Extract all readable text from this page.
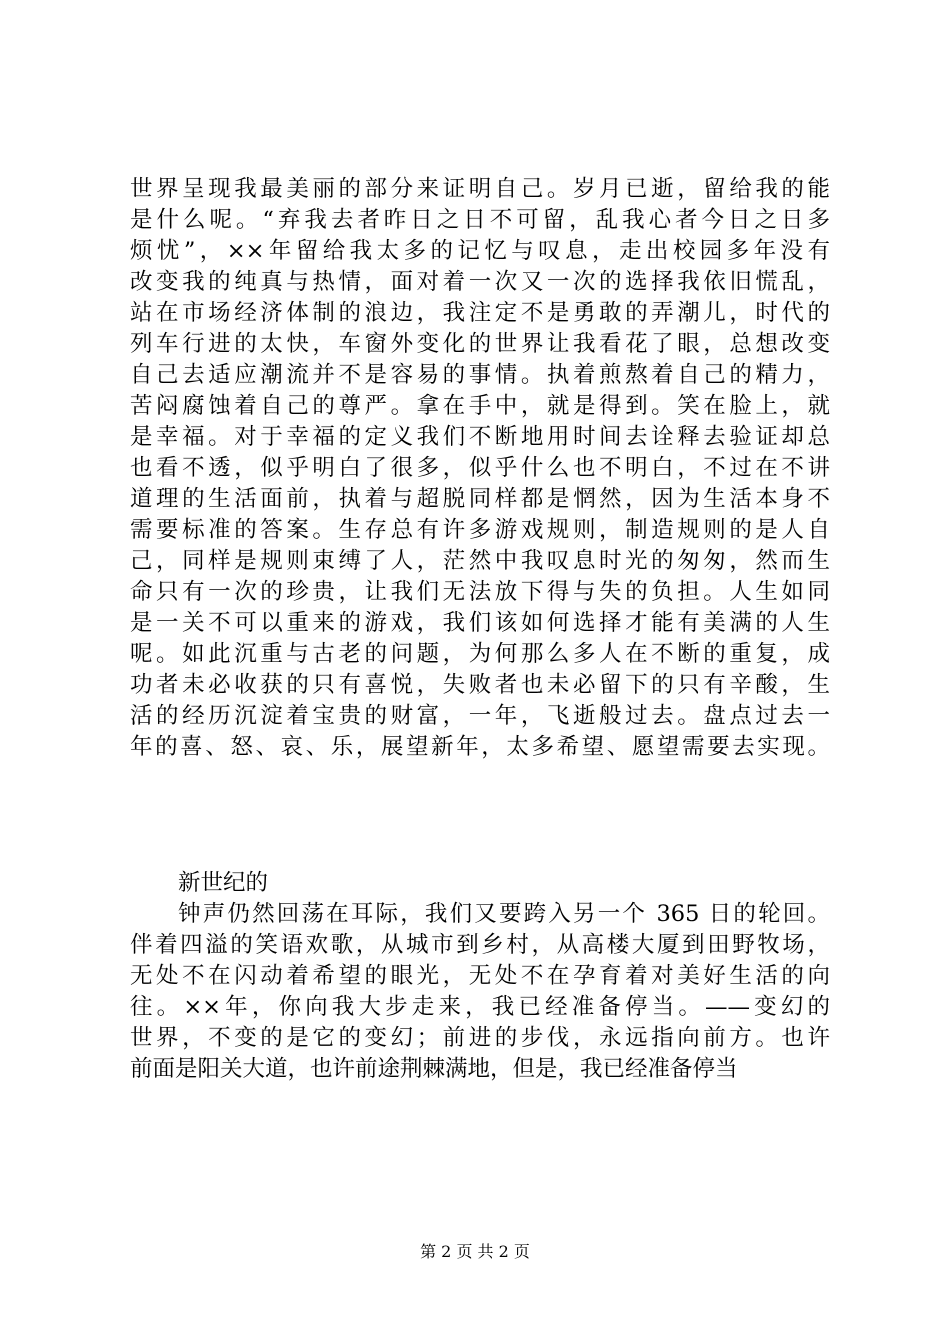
世界呈现我最美丽的部分来证明自己。岁月已逝，留给我的能
是什么呢。“弃我去者昨日之日不可留，乱我心者今日之日多
烦忧”，××年留给我太多的记忆与叹息，走出校园多年没有
改变我的纯真与热情，面对着一次又一次的选择我依旧慌乱，
站在市场经济体制的浪边，我注定不是勇敢的弄潮儿，时代的
列车行进的太快，车窗外变化的世界让我看花了眼，总想改变
自己去适应潮流并不是容易的事情。执着煎熬着自己的精力，
苦闷腐蚀着自己的尊严。拿在手中，就是得到。笑在脸上，就
是幸福。对于幸福的定义我们不断地用时间去诠释去验证却总
也看不透，似乎明白了很多，似乎什么也不明白，不过在不讲
道理的生活面前，执着与超脱同样都是惘然，因为生活本身不
需要标准的答案。生存总有许多游戏规则，制造规则的是人自
己，同样是规则束缚了人，茫然中我叹息时光的匆匆，然而生
命只有一次的珍贵，让我们无法放下得与失的负担。人生如同
是一关不可以重来的游戏，我们该如何选择才能有美满的人生
呢。如此沉重与古老的问题，为何那么多人在不断的重复，成
功者未必收获的只有喜悦，失败者也未必留下的只有辛酸，生
活的经历沉淀着宝贵的财富，一年，飞逝般过去。盘点过去一
年的喜、怒、哀、乐，展望新年，太多希望、愿望需要去实现。
新世纪的
钟声仍然回荡在耳际，我们又要跨入另一个 365 日的轮回。
伴着四溢的笑语欢歌，从城市到乡村，从高楼大厦到田野牧场，
无处不在闪动着希望的眼光，无处不在孕育着对美好生活的向
往。××年，你向我大步走来，我已经准备停当。——变幻的
世界，不变的是它的变幻；前进的步伐，永远指向前方。也许
前面是阳关大道，也许前途荆棘满地，但是，我已经准备停当
第 2 页 共 2 页
